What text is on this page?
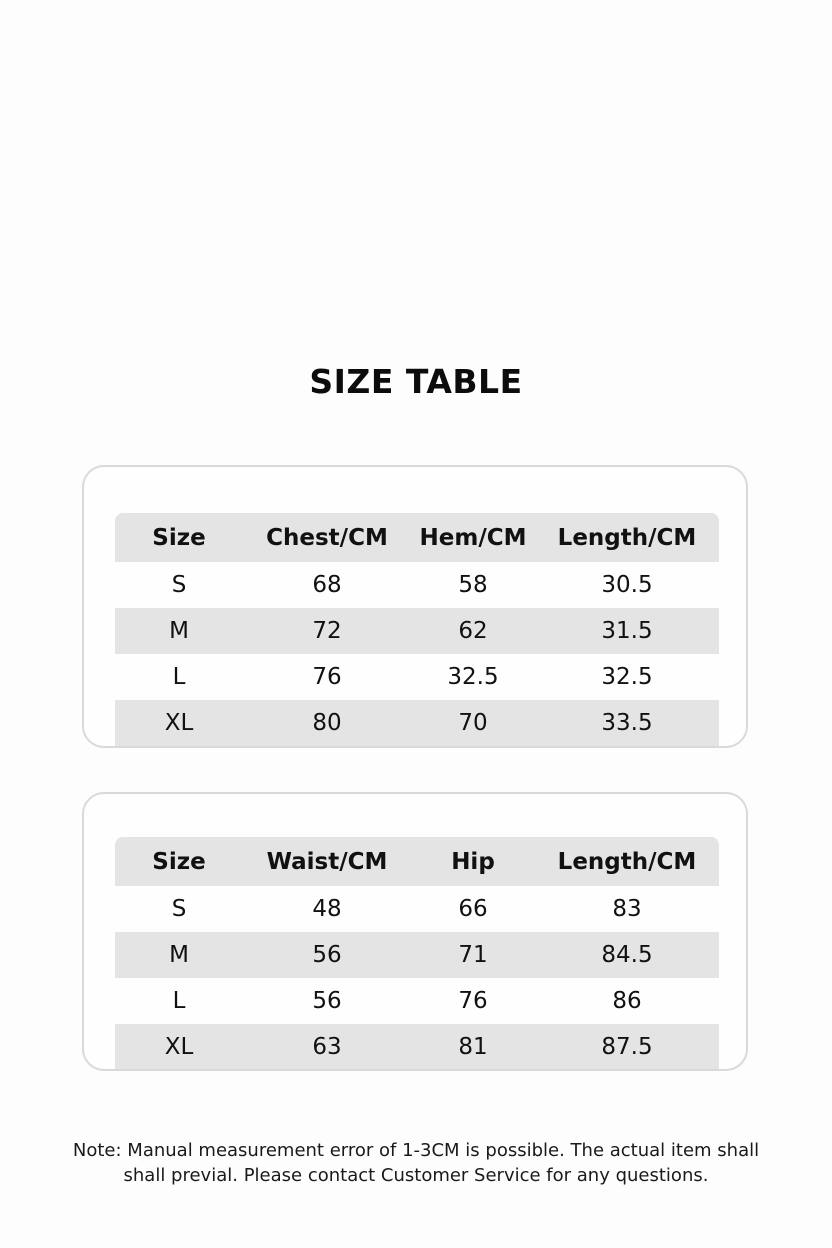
SIZE TABLE
Size	Chest/CM	Hem/CM	Length/CM
S	68	58	30.5
M	72	62	31.5
L	76	32.5	32.5
XL	80	70	33.5
Size	Waist/CM	Hip	Length/CM
S	48	66	83
M	56	71	84.5
L	56	76	86
XL	63	81	87.5
Note: Manual measurement error of 1-3CM is possible. The actual item shall
shall previal. Please contact Customer Service for any questions.
